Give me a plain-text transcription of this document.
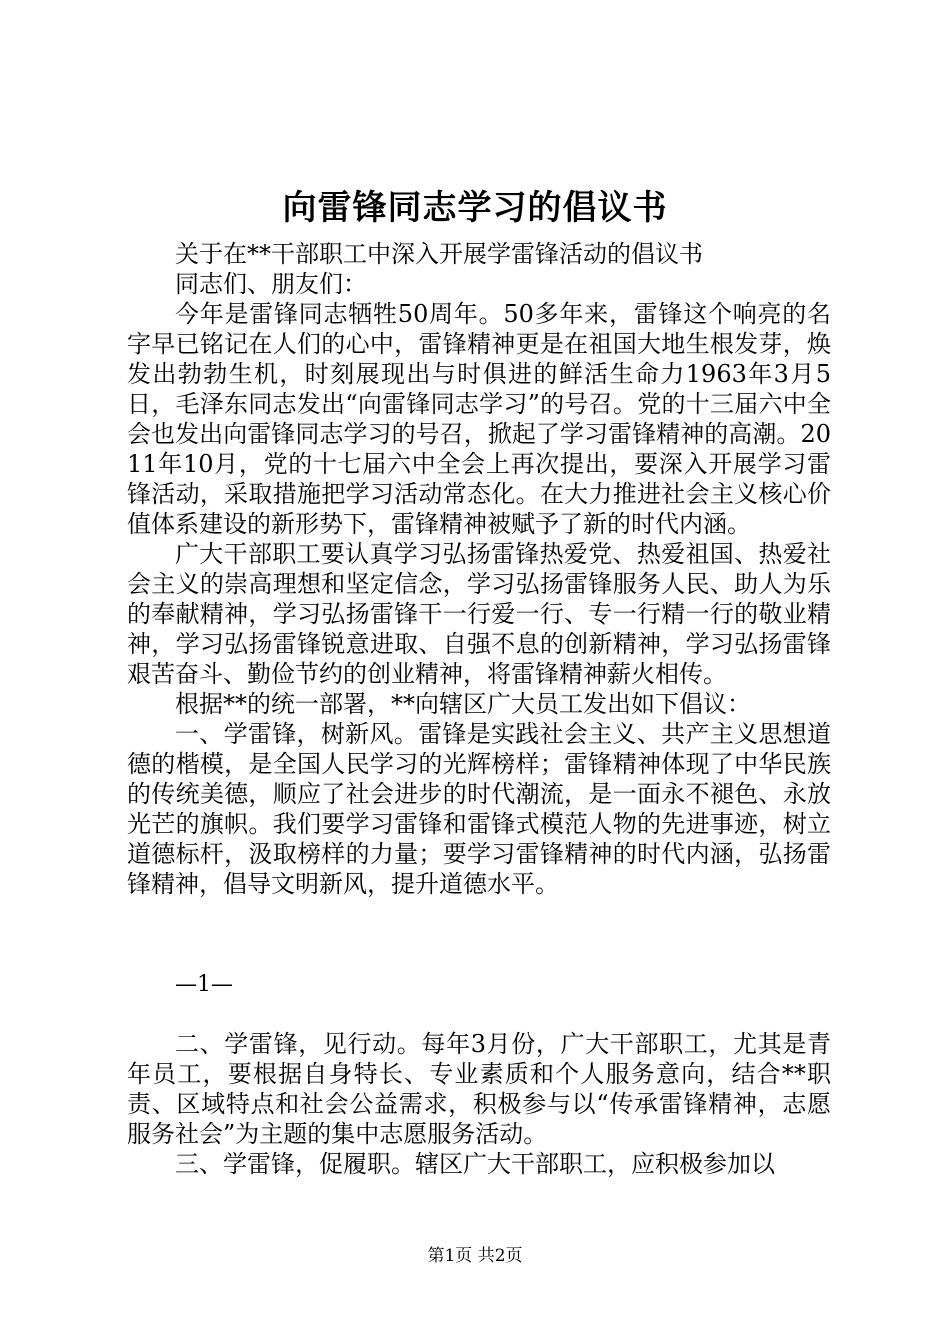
向雷锋同志学习的倡议书

关于在**干部职工中深入开展学雷锋活动的倡议书

同志们、朋友们：

今年是雷锋同志牺牲50周年。50多年来，雷锋这个响亮的名字早已铭记在人们的心中，雷锋精神更是在祖国大地生根发芽，焕发出勃勃生机，时刻展现出与时俱进的鲜活生命力1963年3月5日，毛泽东同志发出“向雷锋同志学习”的号召。党的十三届六中全会也发出向雷锋同志学习的号召，掀起了学习雷锋精神的高潮。2011年10月，党的十七届六中全会上再次提出，要深入开展学习雷锋活动，采取措施把学习活动常态化。在大力推进社会主义核心价值体系建设的新形势下，雷锋精神被赋予了新的时代内涵。

广大干部职工要认真学习弘扬雷锋热爱党、热爱祖国、热爱社会主义的崇高理想和坚定信念，学习弘扬雷锋服务人民、助人为乐的奉献精神，学习弘扬雷锋干一行爱一行、专一行精一行的敬业精神，学习弘扬雷锋锐意进取、自强不息的创新精神，学习弘扬雷锋艰苦奋斗、勤俭节约的创业精神，将雷锋精神薪火相传。

根据**的统一部署，**向辖区广大员工发出如下倡议：

一、学雷锋，树新风。雷锋是实践社会主义、共产主义思想道德的楷模，是全国人民学习的光辉榜样；雷锋精神体现了中华民族的传统美德，顺应了社会进步的时代潮流，是一面永不褪色、永放光芒的旗帜。我们要学习雷锋和雷锋式模范人物的先进事迹，树立道德标杆，汲取榜样的力量；要学习雷锋精神的时代内涵，弘扬雷锋精神，倡导文明新风，提升道德水平。

—1—

二、学雷锋，见行动。每年3月份，广大干部职工，尤其是青年员工，要根据自身特长、专业素质和个人服务意向，结合**职责、区域特点和社会公益需求，积极参与以“传承雷锋精神，志愿服务社会”为主题的集中志愿服务活动。

三、学雷锋，促履职。辖区广大干部职工，应积极参加以

第1页 共2页
